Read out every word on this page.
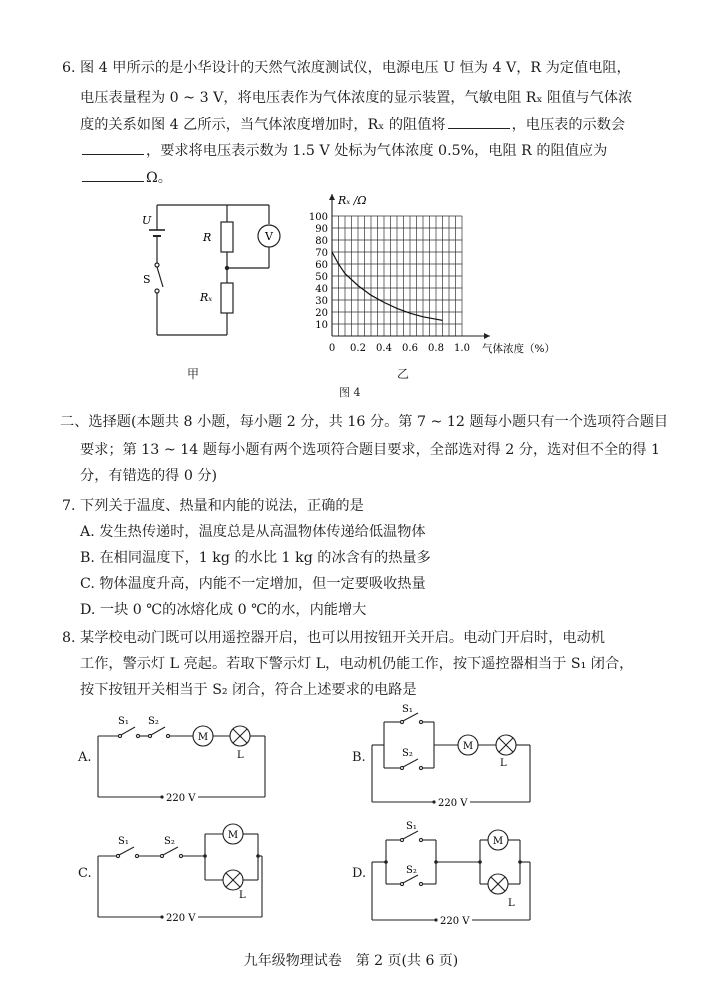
6. 图 4 甲所示的是小华设计的天然气浓度测试仪，电源电压 U 恒为 4 V，R 为定值电阻，
电压表量程为 0 ~ 3 V，将电压表作为气体浓度的显示装置，气敏电阻 Rₓ 阻值与气体浓
度的关系如图 4 乙所示，当气体浓度增加时，Rₓ 的阻值将	，电压表的示数会
，要求将电压表示数为 1.5 V 处标为气体浓度 0.5%，电阻 R 的阻值应为
Ω。
V
U
S
R
Rₓ
甲
10
20
30
40
50
60
70
80
90
100
0 0.2 0.4 0.6 0.8 1.0
Rₓ /Ω
气体浓度（%）
乙
图 4
二、选择题(本题共 8 小题，每小题 2 分，共 16 分。第 7 ~ 12 题每小题只有一个选项符合题目
要求；第 13 ~ 14 题每小题有两个选项符合题目要求，全部选对得 2 分，选对但不全的得 1
分，有错选的得 0 分)
7. 下列关于温度、热量和内能的说法，正确的是
A. 发生热传递时，温度总是从高温物体传递给低温物体
B. 在相同温度下，1 kg 的水比 1 kg 的冰含有的热量多
C. 物体温度升高，内能不一定增加，但一定要吸收热量
D. 一块 0 ℃的冰熔化成 0 ℃的水，内能增大
8. 某学校电动门既可以用遥控器开启，也可以用按钮开关开启。电动门开启时，电动机
工作，警示灯 L 亮起。若取下警示灯 L，电动机仍能工作，按下遥控器相当于 S₁ 闭合，
按下按钮开关相当于 S₂ 闭合，符合上述要求的电路是
A.
M
S₁ S₂
L
220 V
B.
M
S₁
S₂
L
220 V
C.
M
S₁	S₂
L
220 V
D.
M
S₁
S₂
L
220 V
九年级物理试卷　第 2 页(共 6 页)
